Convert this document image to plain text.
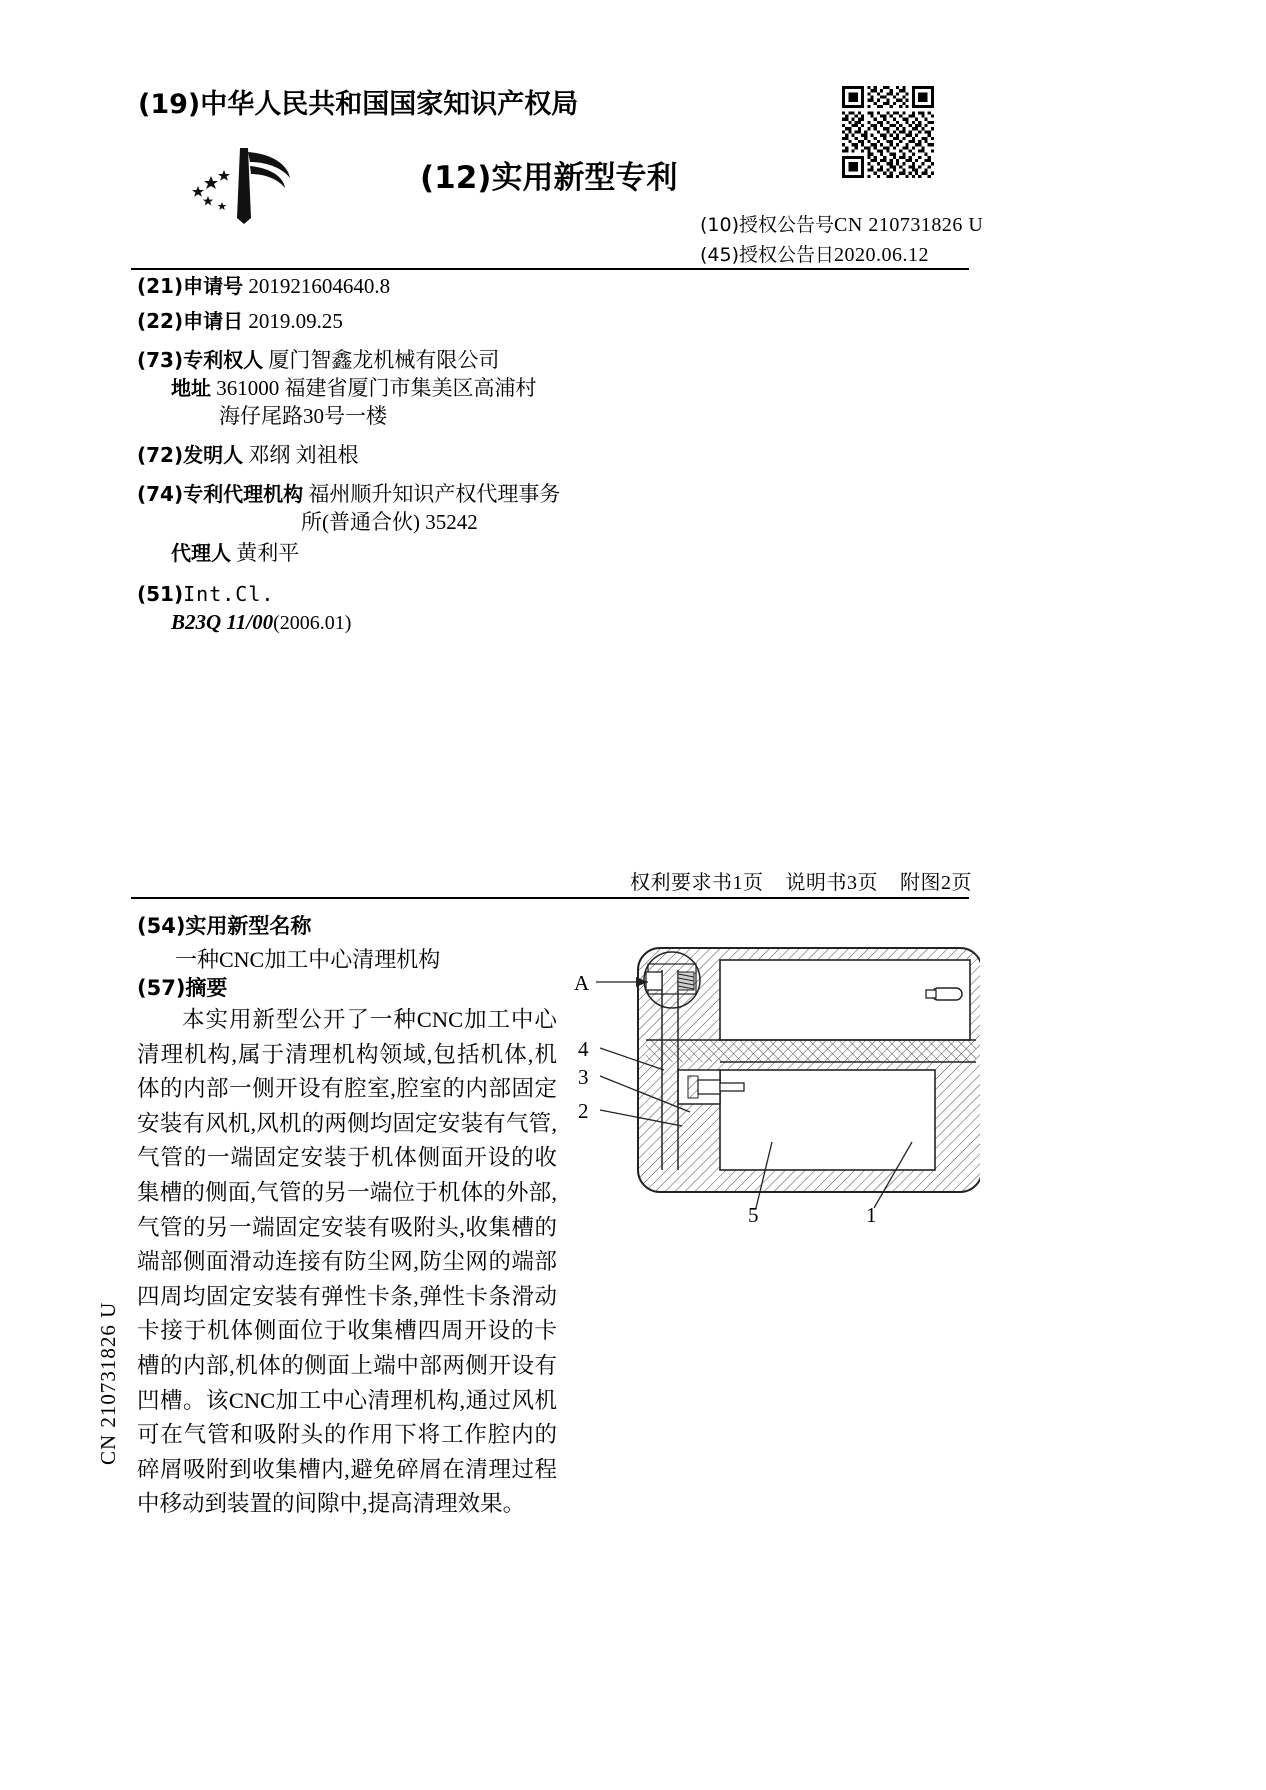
CN 210731826 U
(19)中华人民共和国国家知识产权局
(12)实用新型专利
(10)授权公告号CN 210731826 U
(45)授权公告日2020.06.12
(21)申请号 201921604640.8
(22)申请日 2019.09.25
(73)专利权人 厦门智鑫龙机械有限公司
地址 361000 福建省厦门市集美区高浦村
海仔尾路30号一楼
(72)发明人 邓纲 刘祖根
(74)专利代理机构 福州顺升知识产权代理事务
所(普通合伙) 35242
代理人 黄利平
(51)Int.Cl.
B23Q 11/00(2006.01)
权利要求书1页 说明书3页 附图2页
(54)实用新型名称
一种CNC加工中心清理机构
(57)摘要
本实用新型公开了一种CNC加工中心清理机构,属于清理机构领域,包括机体,机体的内部一侧开设有腔室,腔室的内部固定安装有风机,风机的两侧均固定安装有气管,气管的一端固定安装于机体侧面开设的收集槽的侧面,气管的另一端位于机体的外部,气管的另一端固定安装有吸附头,收集槽的端部侧面滑动连接有防尘网,防尘网的端部四周均固定安装有弹性卡条,弹性卡条滑动卡接于机体侧面位于收集槽四周开设的卡槽的内部,机体的侧面上端中部两侧开设有凹槽。该CNC加工中心清理机构,通过风机可在气管和吸附头的作用下将工作腔内的碎屑吸附到收集槽内,避免碎屑在清理过程中移动到装置的间隙中,提高清理效果。
A
4
3
2
5	1
